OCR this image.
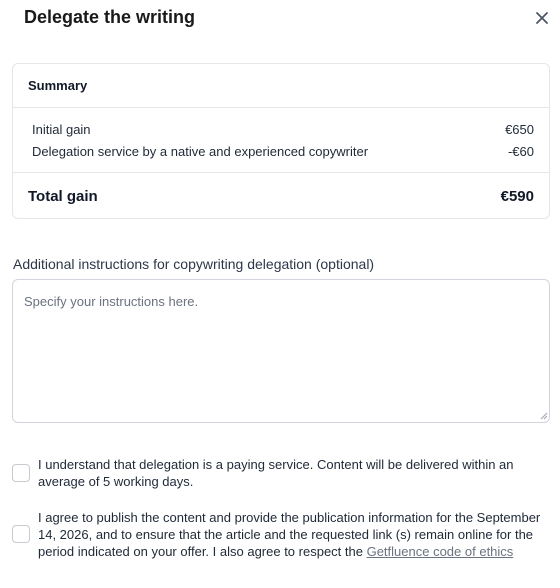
Delegate the writing
Summary
Initial gain	€650
Delegation service by a native and experienced copywriter	-€60
Total gain	€590
Additional instructions for copywriting delegation (optional)
Specify your instructions here.
I understand that delegation is a paying service. Content will be delivered within an average of 5 working days.
I agree to publish the content and provide the publication information for the September 14, 2026, and to ensure that the article and the requested link (s) remain online for the period indicated on your offer. I also agree to respect the Getfluence code of ethics
